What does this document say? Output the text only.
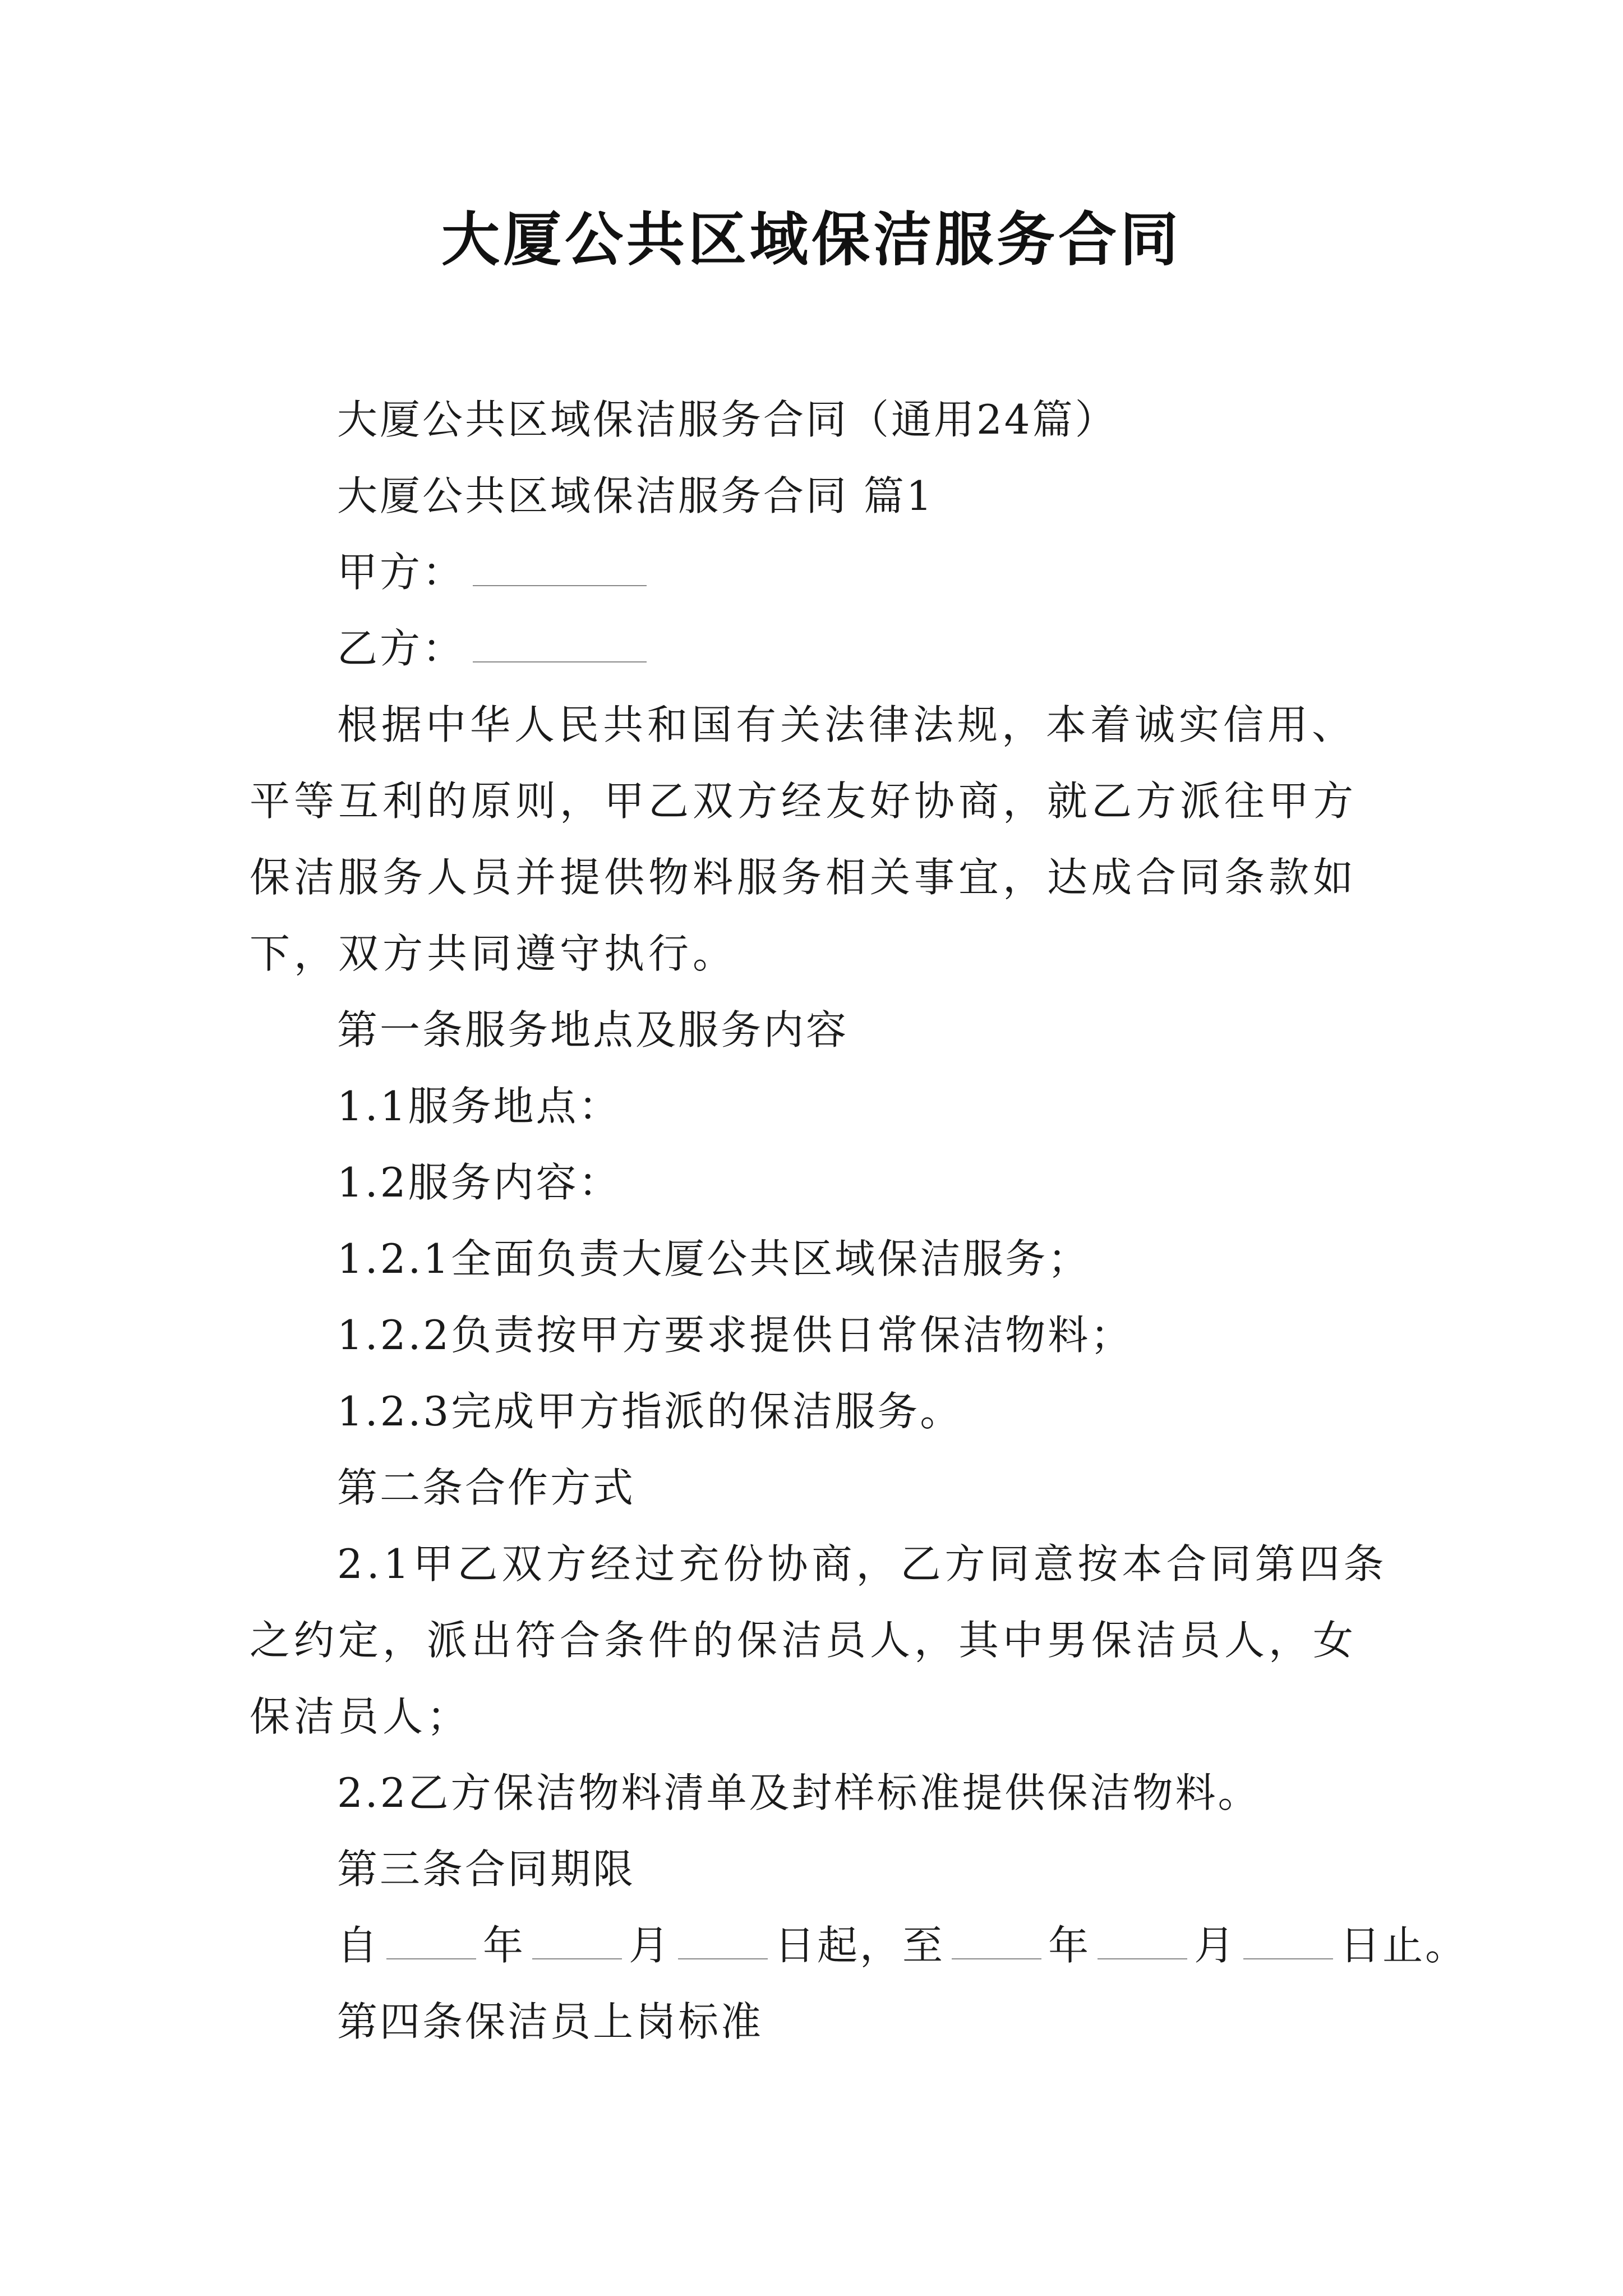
大厦公共区域保洁服务合同
大厦公共区域保洁服务合同（通用24篇）
大厦公共区域保洁服务合同 篇1
甲方：
乙方：

根据中华人民共和国有关法律法规，本着诚实信用、平等互利的原则，甲乙双方经友好协商，就乙方派往甲方保洁服务人员并提供物料服务相关事宜，达成合同条款如下，双方共同遵守执行。

第一条服务地点及服务内容
1.1服务地点：
1.2服务内容：
1.2.1全面负责大厦公共区域保洁服务；
1.2.2负责按甲方要求提供日常保洁物料；
1.2.3完成甲方指派的保洁服务。
第二条合作方式

2.1甲乙双方经过充份协商，乙方同意按本合同第四条之约定，派出符合条件的保洁员人，其中男保洁员人，女保洁员人；

2.2乙方保洁物料清单及封样标准提供保洁物料。
第三条合同期限
自	年	月	日起，至	年	月	日止。
第四条保洁员上岗标准
